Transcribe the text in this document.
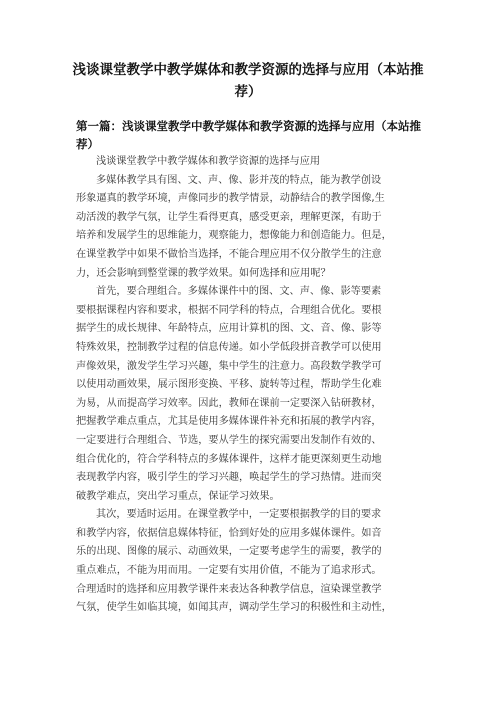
浅谈课堂教学中教学媒体和教学资源的选择与应用（本站推
荐）
第一篇：浅谈课堂教学中教学媒体和教学资源的选择与应用（本站推
荐）
浅谈课堂教学中教学媒体和教学资源的选择与应用
多媒体教学具有图、文、声、像、影并茂的特点，能为教学创设
形象逼真的教学环境，声像同步的教学情景，动静结合的教学图像,生
动活泼的教学气氛，让学生看得更真，感受更亲，理解更深，有助于
培养和发展学生的思维能力，观察能力，想像能力和创造能力。但是，
在课堂教学中如果不做恰当选择，不能合理应用不仅分散学生的注意
力，还会影响到整堂课的教学效果。如何选择和应用呢？
首先，要合理组合。多媒体课件中的图、文、声、像、影等要素
要根据课程内容和要求，根据不同学科的特点，合理组合优化。要根
据学生的成长规律、年龄特点，应用计算机的图、文、音、像、影等
特殊效果，控制教学过程的信息传递。如小学低段拼音教学可以使用
声像效果，激发学生学习兴趣，集中学生的注意力。高段数学教学可
以使用动画效果，展示图形变换、平移、旋转等过程，帮助学生化难
为易，从而提高学习效率。因此，教师在课前一定要深入钻研教材，
把握教学难点重点，尤其是使用多媒体课件补充和拓展的教学内容，
一定要进行合理组合、节选，要从学生的探究需要出发制作有效的、
组合优化的，符合学科特点的多媒体课件，这样才能更深刻更生动地
表现教学内容，吸引学生的学习兴趣，唤起学生的学习热情。进而突
破教学难点，突出学习重点，保证学习效果。
其次，要适时运用。在课堂教学中，一定要根据教学的目的要求
和教学内容，依据信息媒体特征，恰到好处的应用多媒体课件。如音
乐的出现、图像的展示、动画效果，一定要考虑学生的需要，教学的
重点难点，不能为用而用。一定要有实用价值，不能为了追求形式。
合理适时的选择和应用教学课件来表达各种教学信息，渲染课堂教学
气氛，使学生如临其境，如闻其声，调动学生学习的积极性和主动性，
